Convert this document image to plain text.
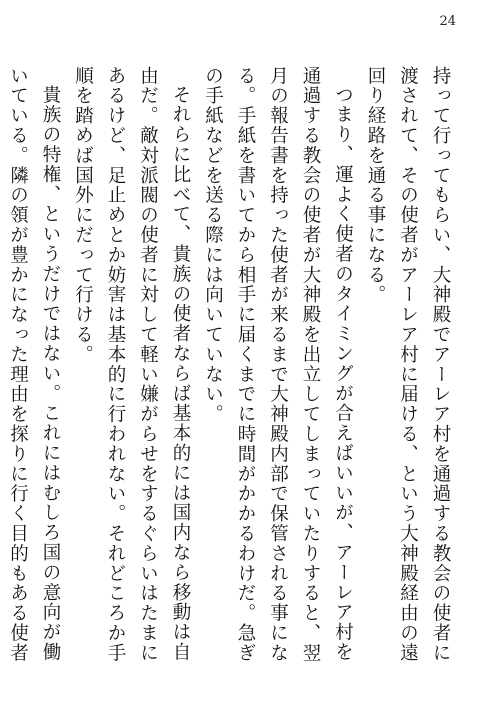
24

持って行ってもらい、大神殿でアーレア村を通過する教会の使者に渡されて、その使者がアーレア村に届ける、という大神殿経由の遠回り経路を通る事になる。

つまり、運よく使者のタイミングが合えばいいが、アーレア村を通過する教会の使者が大神殿を出立してしまっていたりすると、翌月の報告書を持った使者が来るまで大神殿内部で保管される事になる。手紙を書いてから相手に届くまでに時間がかかるわけだ。急ぎの手紙などを送る際には向いていない。

それらに比べて、貴族の使者ならば基本的には国内なら移動は自由だ。敵対派閥の使者に対して軽い嫌がらせをするぐらいはたまにあるけど、足止めとか妨害は基本的に行われない。それどころか手順を踏めば国外にだって行ける。

貴族の特権、というだけではない。これにはむしろ国の意向が働いている。隣の領が豊かになった理由を探りに行く目的もある使者
